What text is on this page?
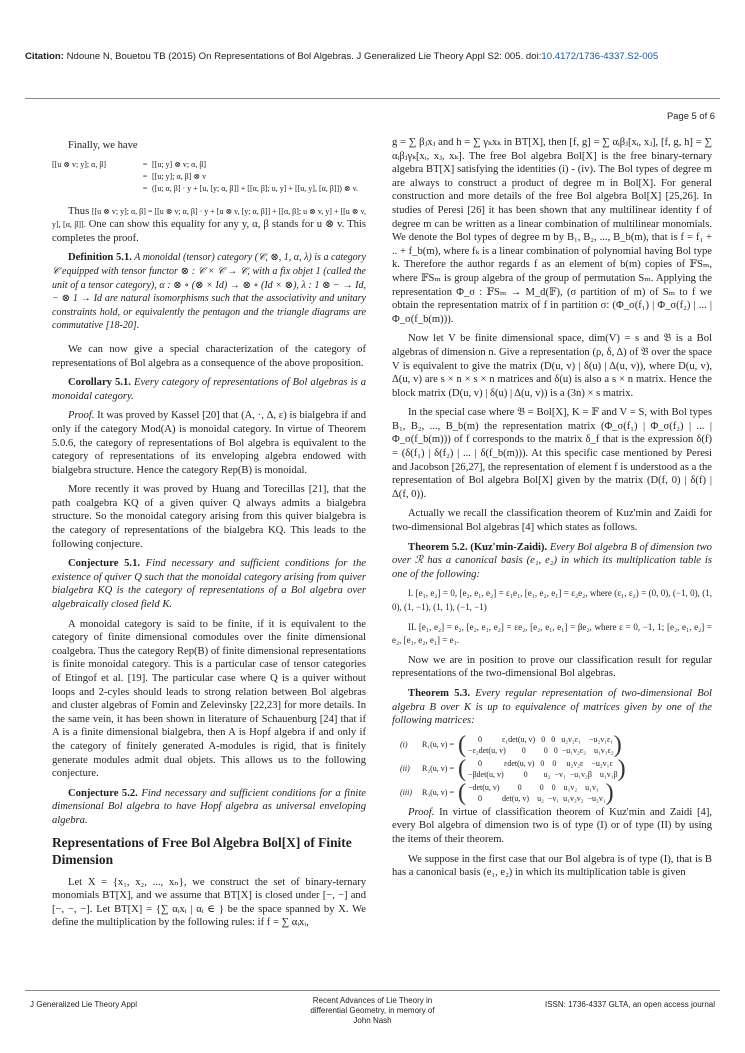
Citation: Ndoune N, Bouetou TB (2015) On Representations of Bol Algebras. J Generalized Lie Theory Appl S2: 005. doi:10.4172/1736-4337.S2-005
Page 5 of 6

Finally, we have

[[u ⊗ v; y]; α, β]	= [[u; y] ⊗ v; α, β]
= [[u; y]; α, β] ⊗ v
= ([u; α, β] · y + [u, [y; α, β]] + [[α, β]; u, y] + [[u, y], [α, β]]) ⊗ v.

Thus [[u ⊗ v; y]; α, β] = [[u ⊗ v; α, β] · y + [u ⊗ v, [y; α, β]] + [[α, β]; u ⊗ v, y] + [[u ⊗ v, y], [α, β]]. One can show this equality for any y, α, β stands for u ⊗ v. This completes the proof.

Definition 5.1. A monoidal (tensor) category (𝒞, ⊗, 1, α, λ) is a category 𝒞 equipped with tensor functor ⊗ : 𝒞 × 𝒞 → 𝒞, with a fix objet 1 (called the unit of a tensor category), α : ⊗ ∘ (⊗ × Id) → ⊗ ∘ (Id × ⊗), λ : 1 ⊗ − → Id, − ⊗ 1 → Id are natural isomorphisms such that the associativity and unitary constraints hold, or equivalently the pentagon and the triangle diagrams are commutative [18-20].

We can now give a special characterization of the category of representations of Bol algebra as a consequence of the above proposition.

Corollary 5.1. Every category of representations of Bol algebras is a monoidal category.

Proof. It was proved by Kassel [20] that (A, ·, Δ, ε) is bialgebra if and only if the category Mod(A) is monoidal category. In virtue of Theorem 5.0.6, the category of representations of Bol algebra is equivalent to the category of representations of its enveloping algebra endowed with bialgebra structure. Hence the category Rep(B) is monoidal.

More recently it was proved by Huang and Torecillas [21], that the path coalgebra KQ of a given quiver Q always admits a bialgebra structure. So the monoidal category arising from this quiver bialgebra is the category of representations of the bialgebra KQ. This leads to the following conjecture.

Conjecture 5.1. Find necessary and sufficient conditions for the existence of quiver Q such that the monoidal category arising from quiver bialgebra KQ is the category of representations of a Bol algebra over algebraically closed field K.

A monoidal category is said to be finite, if it is equivalent to the category of finite dimensional comodules over the finite dimensional coalgebra. Thus the category Rep(B) of finite dimensional representations is finite monoidal category. This is a particular case of tensor categories of Etingof et al. [19]. The particular case where Q is a quiver without loops and 2-cyles should leads to strong relation between Bol algebras and cluster algebras of Fomin and Zelevinsky [22,23] for more details. In the same vein, it has been shown in literature of Schauenburg [24] that if A is a finite dimensional bialgebra, then A is Hopf algebra if and only if the category of finitely generated A-modules is rigid, that is finitely generate modules admit dual objets. This allows us to the following conjecture.

Conjecture 5.2. Find necessary and sufficient conditions for a finite dimensional Bol algebra to have Hopf algebra as universal enveloping algebra.

Representations of Free Bol Algebra Bol[X] of Finite Dimension

Let X = {x₁, x₂, ..., xₙ}, we construct the set of binary-ternary monomials BT[X], and we assume that BT[X] is closed under [−, −] and [−, −, −]. Let BT[X] = {∑ αᵢxᵢ | αᵢ ∈ } be the space spanned by X. We define the multiplication by the following rules: if f = ∑ αᵢxᵢ,

g = ∑ βⱼxⱼ and h = ∑ γₖxₖ in BT[X], then [f, g] = ∑ αᵢβⱼ[xᵢ, xⱼ], [f, g, h] = ∑ αᵢβⱼγₖ[xᵢ, xⱼ, xₖ]. The free Bol algebra Bol[X] is the free binary-ternary algebra BT[X] satisfying the identities (i) - (iv). The Bol types of degree m are always to construct a product of degree m in Bol[X]. For general construction and more details of the free Bol algebra Bol[X] [25,26]. In studies of Peresi [26] it has been shown that any multilinear identity f of degree m can be written as a linear combination of multilinear monomials. We denote the Bol types of degree m by B₁, B₂, ..., B_b(m), that is f = f₁ + .. + f_b(m), where fₖ is a linear combination of polynomial having Bol type k. Therefore the author regards f as an element of b(m) copies of 𝔽Sₘ, where 𝔽Sₘ is group algebra of the group of permutation Sₘ. Applying the representation Φ_σ : 𝔽Sₘ → M_d(𝔽), (σ partition of m) of Sₘ to f we obtain the representation matrix of f in partition σ: (Φ_σ(f₁) | Φ_σ(f₂) | ... | Φ_σ(f_b(m))).

Now let V be finite dimensional space, dim(V) = s and 𝔅 is a Bol algebras of dimension n. Give a representation (ρ, δ, Δ) of 𝔅 over the space V is equivalent to give the matrix (D(u, v) | δ(u) | Δ(u, v)), where D(u, v), Δ(u, v) are s × n × s × n matrices and δ(u) is also a s × n matrix. Hence the block matrix (D(u, v) | δ(u) | Δ(u, v)) is a (3n) × s matrix.

In the special case where 𝔅 = Bol[X], K = 𝔽 and V = S, with Bol types B₁, B₂, ..., B_b(m) the representation matrix (Φ_σ(f₁) | Φ_σ(f₂) | ... | Φ_σ(f_b(m))) of f corresponds to the matrix δ_f that is the expression δ(f) = (δ(f₁) | δ(f₂) | ... | δ(f_b(m))). At this specific case mentioned by Peresi and Jacobson [26,27], the representation of element f is understood as a the representation of Bol algebra Bol[X] given by the matrix (D(f, 0) | δ(f) | Δ(f, 0)).

Actually we recall the classification theorem of Kuz'min and Zaidi for two-dimensional Bol algebras [4] which states as follows.

Theorem 5.2. (Kuz'min-Zaidi). Every Bol algebra B of dimension two over ℛ has a canonical basis (e₁, e₂) in which its multiplication table is one of the following:

I. [e₁, e₂] = 0, [e₂, e₁, e₂] = ε₁e₁, [e₁, e₂, e₁] = ε₂e₂, where (ε₁, ε₂) = (0, 0), (−1, 0), (1, 0), (1, −1), (1, 1), (−1, −1)

II. [e₁, e₂] = e₂, [e₂, e₁, e₂] = εe₂, [e₂, e₁, e₁] = βe₂, where ε = 0, −1, 1; [e₂, e₁, e₂] = e₂, [e₁, e₂, e₁] = e₁.

Now we are in position to prove our classification result for regular representations of the two-dimensional Bol algebras.

Theorem 5.3. Every regular representation of two-dimensional Bol algebra B over K is up to equivalence of matrices given by one of the following matrices:

(i)	R₁(u, v) = ( 0          ε₁det(u, v)   0   0   u₂v₂ε₁    −u₂v₁ε₁
−ε₂det(u, v)        0         0   0  −u₁v₂ε₂    u₁v₁ε₂ )
(ii)	R₂(u, v) = ( 0           εdet(u, v)   0    0     u₂v₂ε    −u₂v₁ε
−βdet(u, v)          0        u₂  −v₁  −u₁v₂β    u₁v₁β )
(iii)	R₃(u, v) = ( −det(u, v)         0         0    0    u₁v₂    u₁v₁
0          det(u, v)    u₂  −v₁  u₁v₂v₂  −u₂v₁ )

Proof. In virtue of classification theorem of Kuz'min and Zaidi [4], every Bol algebra of dimension two is of type (I) or of type (II) by using the items of their theorem.

We suppose in the first case that our Bol algebra is of type (I), that is B has a canonical basis (e₁, e₂) in which its multiplication table is given

J Generalized Lie Theory Appl	Recent Advances of Lie Theory in
differential Geometry, in memory of
John Nash
ISSN: 1736-4337 GLTA, an open access journal
